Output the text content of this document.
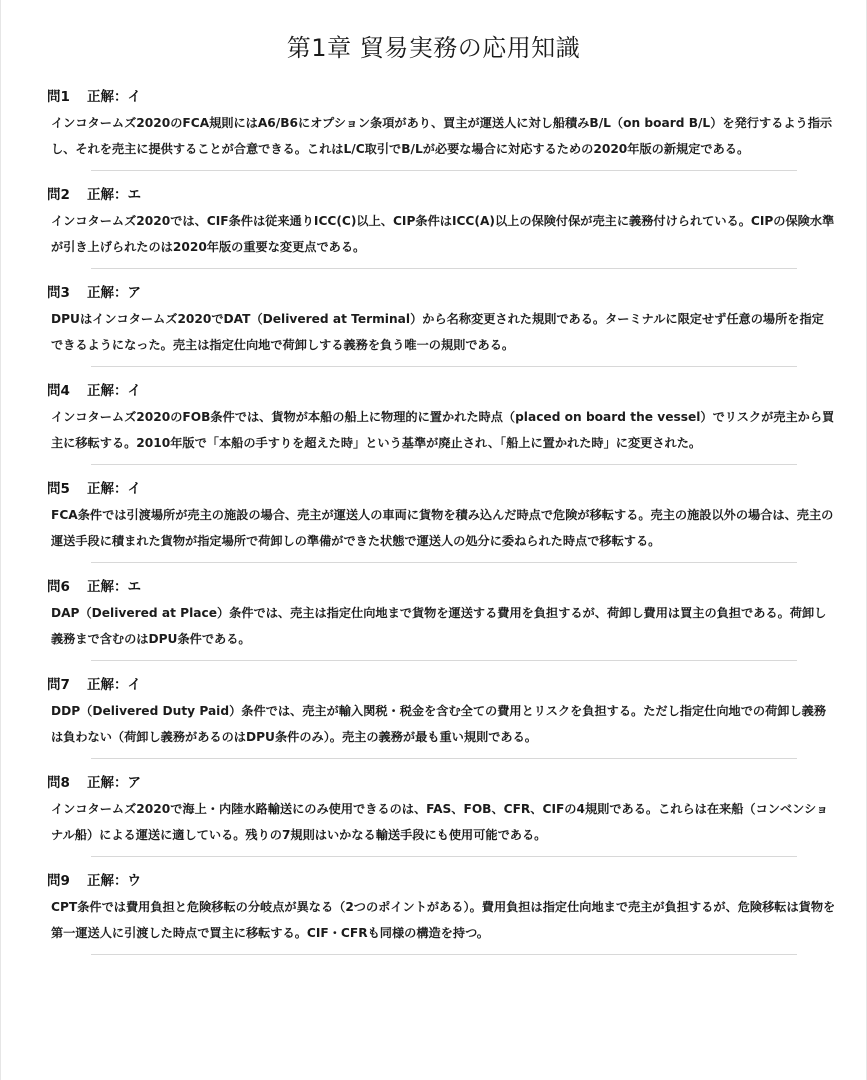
第1章 貿易実務の応用知識
問1 正解：イ
インコタームズ2020のFCA規則にはA6/B6にオプション条項があり、買主が運送人に対し船積みB/L（on board B/L）を発行するよう指示し、それを売主に提供することが合意できる。これはL/C取引でB/Lが必要な場合に対応するための2020年版の新規定である。
問2 正解：エ
インコタームズ2020では、CIF条件は従来通りICC(C)以上、CIP条件はICC(A)以上の保険付保が売主に義務付けられている。CIPの保険水準が引き上げられたのは2020年版の重要な変更点である。
問3 正解：ア
DPUはインコタームズ2020でDAT（Delivered at Terminal）から名称変更された規則である。ターミナルに限定せず任意の場所を指定できるようになった。売主は指定仕向地で荷卸しする義務を負う唯一の規則である。
問4 正解：イ
インコタームズ2020のFOB条件では、貨物が本船の船上に物理的に置かれた時点（placed on board the vessel）でリスクが売主から買主に移転する。2010年版で「本船の手すりを超えた時」という基準が廃止され、「船上に置かれた時」に変更された。
問5 正解：イ
FCA条件では引渡場所が売主の施設の場合、売主が運送人の車両に貨物を積み込んだ時点で危険が移転する。売主の施設以外の場合は、売主の運送手段に積まれた貨物が指定場所で荷卸しの準備ができた状態で運送人の処分に委ねられた時点で移転する。
問6 正解：エ
DAP（Delivered at Place）条件では、売主は指定仕向地まで貨物を運送する費用を負担するが、荷卸し費用は買主の負担である。荷卸し義務まで含むのはDPU条件である。
問7 正解：イ
DDP（Delivered Duty Paid）条件では、売主が輸入関税・税金を含む全ての費用とリスクを負担する。ただし指定仕向地での荷卸し義務は負わない（荷卸し義務があるのはDPU条件のみ）。売主の義務が最も重い規則である。
問8 正解：ア
インコタームズ2020で海上・内陸水路輸送にのみ使用できるのは、FAS、FOB、CFR、CIFの4規則である。これらは在来船（コンベンショナル船）による運送に適している。残りの7規則はいかなる輸送手段にも使用可能である。
問9 正解：ウ
CPT条件では費用負担と危険移転の分岐点が異なる（2つのポイントがある）。費用負担は指定仕向地まで売主が負担するが、危険移転は貨物を第一運送人に引渡した時点で買主に移転する。CIF・CFRも同様の構造を持つ。
